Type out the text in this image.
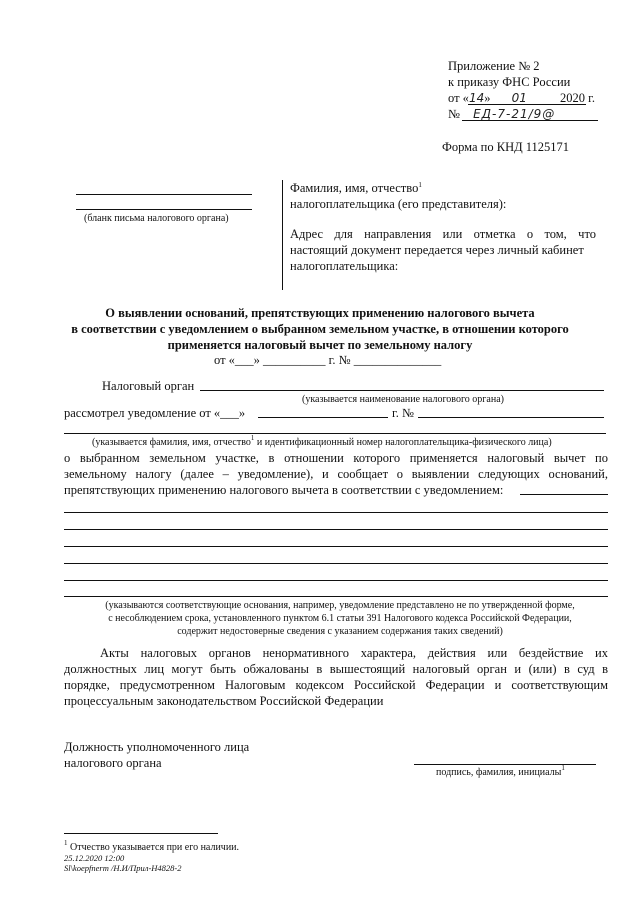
Приложение № 2
к приказу ФНС России
от «14» 01	2020 г.
№ ЕД-7-21/9@
Форма по КНД 1125171
(бланк письма налогового органа)
Фамилия, имя, отчество$^1$
налогоплательщика (его представителя):
Адрес для направления или отметка о том, что
настоящий документ передается через личный кабинет
налогоплательщика:
О выявлении оснований, препятствующих применению налогового вычета
в соответствии с уведомлением о выбранном земельном участке, в отношении которого
применяется налоговый вычет по земельному налогу
от «___» __________ г. № ______________
Налоговый орган
(указывается наименование налогового органа)
рассмотрел уведомление от «___»	г. №
(указывается фамилия, имя, отчество$^1$ и идентификационный номер налогоплательщика-физического лица)
о выбранном земельном участке, в отношении которого применяется налоговый вычет по
земельному налогу (далее – уведомление), и сообщает о выявлении следующих оснований,
препятствующих применению налогового вычета в соответствии с уведомлением:
(указываются соответствующие основания, например, уведомление представлено не по утвержденной форме,
с несоблюдением срока, установленного пунктом 6.1 статьи 391 Налогового кодекса Российской Федерации,
содержит недостоверные сведения с указанием содержания таких сведений)
Акты налоговых органов ненормативного характера, действия или бездействие их
должностных лиц могут быть обжалованы в вышестоящий налоговый орган и (или) в суд в
порядке, предусмотренном Налоговым кодексом Российской Федерации и соответствующим
процессуальным законодательством Российской Федерации
Должность уполномоченного лица
налогового органа
подпись, фамилия, инициалы$^1$
$^1$ Отчество указывается при его наличии.
25.12.2020 12:00
Sl\koepfnerm /Н.И/Прил-Н4828-2
